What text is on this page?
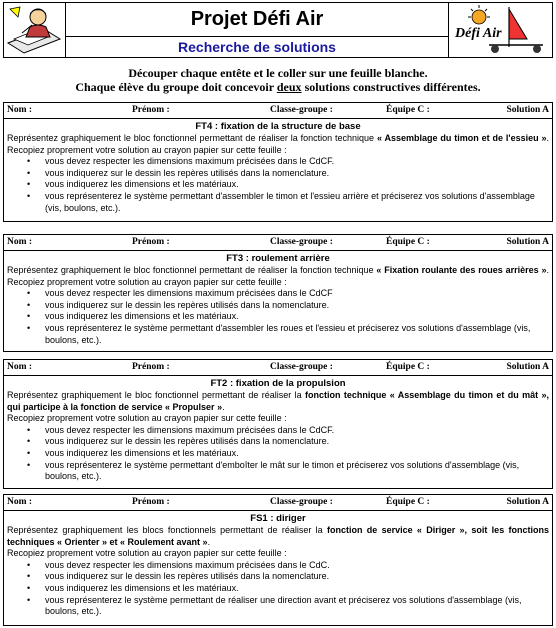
Projet Défi Air
Recherche de solutions
Défi Air
Découper chaque entête et le coller sur une feuille blanche.
Chaque élève du groupe doit concevoir deux solutions constructives différentes.
Nom :	Prénom :	Classe-groupe :	Équipe C :	Solution A
FT4 : fixation de la structure de base
Représentez graphiquement le bloc fonctionnel permettant de réaliser la fonction technique « Assemblage du timon et de l'essieu ». Recopiez proprement votre solution au crayon papier sur cette feuille :
• vous devez respecter les dimensions maximum précisées dans le CdCF.
• vous indiquerez sur le dessin les repères utilisés dans la nomenclature.
• vous indiquerez les dimensions et les matériaux.
• vous représenterez le système permettant d'assembler le timon et l'essieu arrière et préciserez vos solutions d'assemblage (vis, boulons, etc.).
Nom :	Prénom :	Classe-groupe :	Équipe C :	Solution A
FT3 : roulement arrière
Représentez graphiquement le bloc fonctionnel permettant de réaliser la fonction technique « Fixation roulante des roues arrières ». Recopiez proprement votre solution au crayon papier sur cette feuille :
• vous devez respecter les dimensions maximum précisées dans le CdCF
• vous indiquerez sur le dessin les repères utilisés dans la nomenclature.
• vous indiquerez les dimensions et les matériaux.
• vous représenterez le système permettant d'assembler les roues et l'essieu et préciserez vos solutions d'assemblage (vis, boulons, etc.).
Nom :	Prénom :	Classe-groupe :	Équipe C :	Solution A
FT2 : fixation de la propulsion
Représentez graphiquement le bloc fonctionnel permettant de réaliser la fonction technique « Assemblage du timon et du mât », qui participe à la fonction de service « Propulser ».
Recopiez proprement votre solution au crayon papier sur cette feuille :
• vous devez respecter les dimensions maximum précisées dans le CdCF.
• vous indiquerez sur le dessin les repères utilisés dans la nomenclature.
• vous indiquerez les dimensions et les matériaux.
• vous représenterez le système permettant d'emboîter le mât sur le timon et préciserez vos solutions d'assemblage (vis, boulons, etc.).
Nom :	Prénom :	Classe-groupe :	Équipe C :	Solution A
FS1 : diriger
Représentez graphiquement les blocs fonctionnels permettant de réaliser la fonction de service « Diriger », soit les fonctions techniques « Orienter » et « Roulement avant ».
Recopiez proprement votre solution au crayon papier sur cette feuille :
• vous devez respecter les dimensions maximum précisées dans le CdC.
• vous indiquerez sur le dessin les repères utilisés dans la nomenclature.
• vous indiquerez les dimensions et les matériaux.
• vous représenterez le système permettant de réaliser une direction avant et préciserez vos solutions d'assemblage (vis, boulons, etc.).
